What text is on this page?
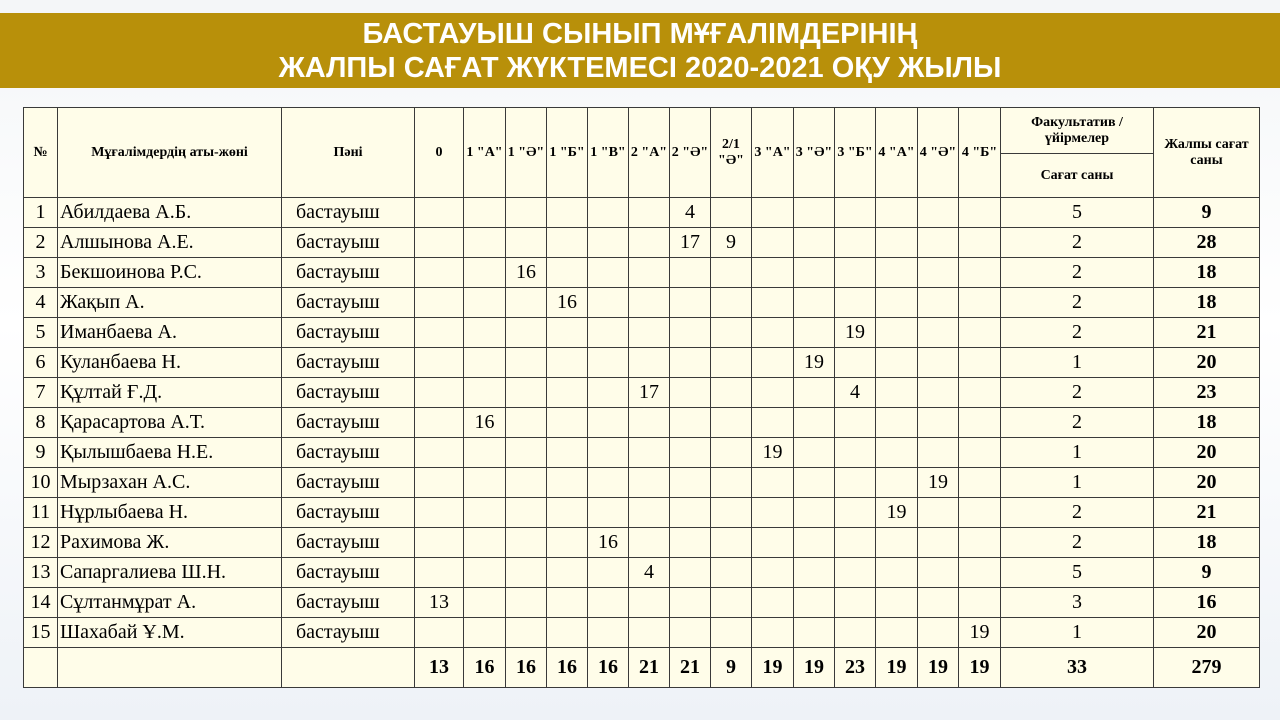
БАСТАУЫШ СЫНЫП МҰҒАЛІМДЕРІНІҢ
ЖАЛПЫ САҒАТ ЖҮКТЕМЕСІ 2020-2021 ОҚУ ЖЫЛЫ
№	Мұғалімдердің аты-жөні	Пәні	0	1 "А"	1 "Ә"	1 "Б"	1 "В"	2 "А"	2 "Ә"	2/1 "Ә"	3 "А"	3 "Ә"	3 "Б"	4 "А"	4 "Ә"	4 "Б"	Факультатив /үйірмелер	Жалпы сағат саны
																	Сағат саны	
1	Абилдаева А.Б.	бастауыш							4								5	9
2	Алшынова А.Е.	бастауыш							17	9							2	28
3	Бекшоинова Р.С.	бастауыш			16												2	18
4	Жақып А.	бастауыш				16											2	18
5	Иманбаева А.	бастауыш											19				2	21
6	Куланбаева Н.	бастауыш										19					1	20
7	Құлтай Ғ.Д.	бастауыш						17					4				2	23
8	Қарасартова А.Т.	бастауыш		16													2	18
9	Қылышбаева Н.Е.	бастауыш									19						1	20
10	Мырзахан А.С.	бастауыш													19		1	20
11	Нұрлыбаева Н.	бастауыш												19			2	21
12	Рахимова Ж.	бастауыш					16										2	18
13	Сапаргалиева Ш.Н.	бастауыш						4									5	9
14	Сұлтанмұрат А.	бастауыш	13														3	16
15	Шахабай Ұ.М.	бастауыш														19	1	20
			13	16	16	16	16	21	21	9	19	19	23	19	19	19	33	279
